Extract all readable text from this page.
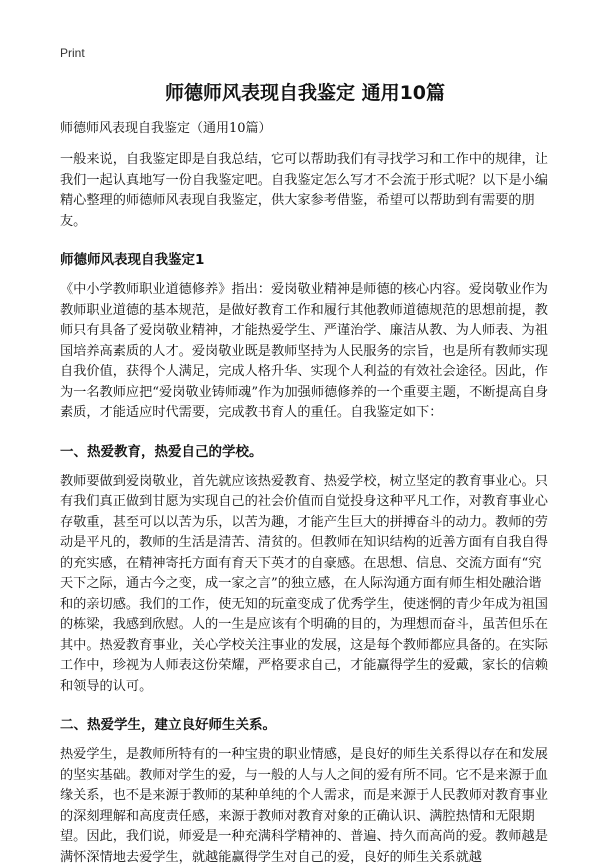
Print
师德师风表现自我鉴定 通用10篇
师德师风表现自我鉴定（通用10篇）

一般来说，自我鉴定即是自我总结，它可以帮助我们有寻找学习和工作中的规律，让我们一起认真地写一份自我鉴定吧。自我鉴定怎么写才不会流于形式呢？以下是小编精心整理的师德师风表现自我鉴定，供大家参考借鉴，希望可以帮助到有需要的朋友。

师德师风表现自我鉴定1

《中小学教师职业道德修养》指出：爱岗敬业精神是师德的核心内容。爱岗敬业作为教师职业道德的基本规范，是做好教育工作和履行其他教师道德规范的思想前提，教师只有具备了爱岗敬业精神，才能热爱学生、严谨治学、廉洁从教、为人师表、为祖国培养高素质的人才。爱岗敬业既是教师坚持为人民服务的宗旨，也是所有教师实现自我价值，获得个人满足，完成人格升华、实现个人利益的有效社会途径。因此，作为一名教师应把“爱岗敬业铸师魂”作为加强师德修养的一个重要主题，不断提高自身素质，才能适应时代需要，完成教书育人的重任。自我鉴定如下：

一、热爱教育，热爱自己的学校。

教师要做到爱岗敬业，首先就应该热爱教育、热爱学校，树立坚定的教育事业心。只有我们真正做到甘愿为实现自己的社会价值而自觉投身这种平凡工作，对教育事业心存敬重，甚至可以以苦为乐，以苦为趣，才能产生巨大的拼搏奋斗的动力。教师的劳动是平凡的，教师的生活是清苦、清贫的。但教师在知识结构的近善方面有自我自得的充实感，在精神寄托方面有育天下英才的自豪感。在思想、信息、交流方面有“究天下之际，通古今之变，成一家之言”的独立感，在人际沟通方面有师生相处融洽谐和的亲切感。我们的工作，使无知的玩童变成了优秀学生，使迷惘的青少年成为祖国的栋梁，我感到欣慰。人的一生是应该有个明确的目的，为理想而奋斗，虽苦但乐在其中。热爱教育事业，关心学校关注事业的发展，这是每个教师都应具备的。在实际工作中，珍视为人师表这份荣耀，严格要求自己，才能赢得学生的爱戴，家长的信赖和领导的认可。

二、热爱学生，建立良好师生关系。

热爱学生，是教师所特有的一种宝贵的职业情感，是良好的师生关系得以存在和发展的坚实基础。教师对学生的爱，与一般的人与人之间的爱有所不同。它不是来源于血缘关系，也不是来源于教师的某种单纯的个人需求，而是来源于人民教师对教育事业的深刻理解和高度责任感，来源于教师对教育对象的正确认识、满腔热情和无限期望。因此，我们说，师爱是一种充满科学精神的、普遍、持久而高尚的爱。教师越是满怀深情地去爱学生，就越能赢得学生对自己的爱，良好的师生关系就越
